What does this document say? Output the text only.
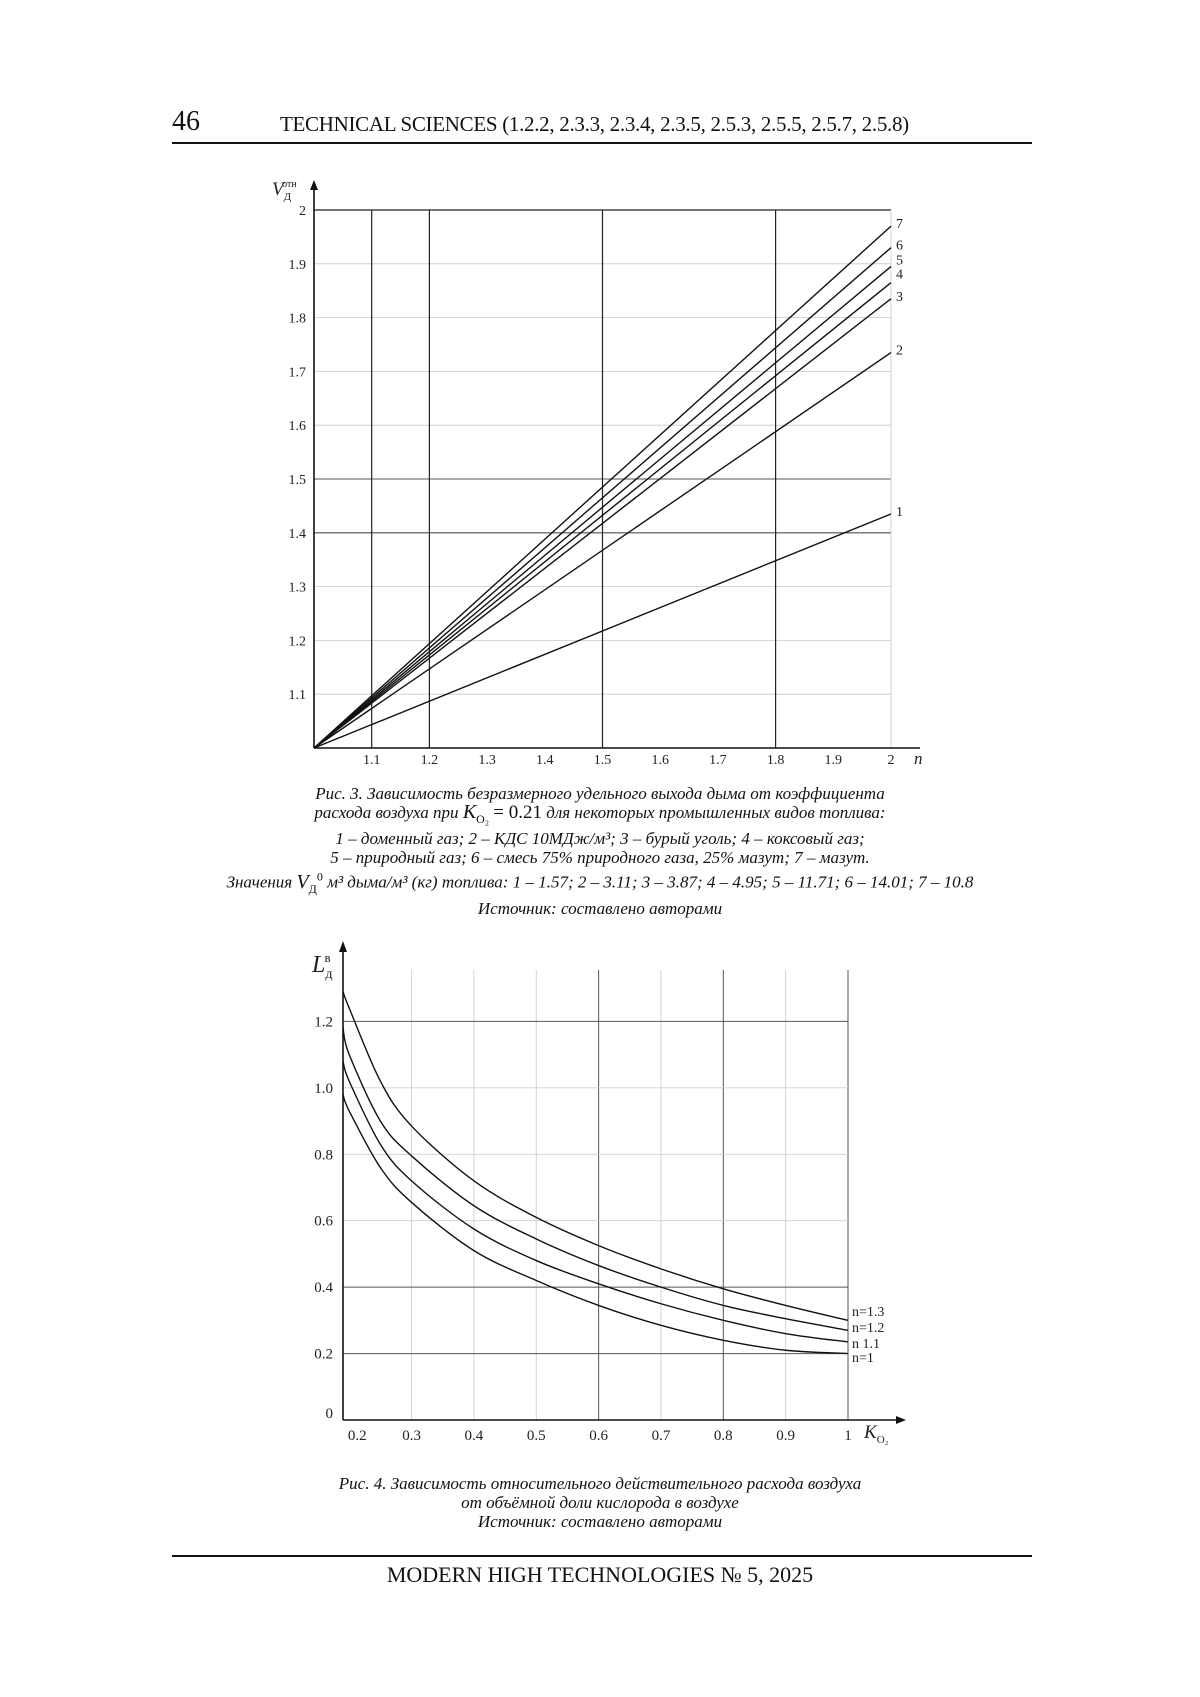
46	TECHNICAL SCIENCES (1.2.2, 2.3.3, 2.3.4, 2.3.5, 2.5.3, 2.5.5, 2.5.7, 2.5.8)
1.1	1.2	1.3	1.4	1.5	1.6	1.7	1.8	1.9	2
1.1
1.2
1.3
1.4
1.5
1.6
1.7
1.8
1.9
2
1
2
3
4
5
6
7
$V_Дотн$
n
Рис. 3. Зависимость безразмерного удельного выхода дыма от коэффициента
расхода воздуха при $K_{O_2} = 0.21$ для некоторых промышленных видов топлива:
1 – доменный газ; 2 – КДС 10МДж/м³; 3 – бурый уголь; 4 – коксовый газ;
5 – природный газ; 6 – смесь 75% природного газа, 25% мазут; 7 – мазут.
Значения $V_Д^0$ м³ дыма/м³ (кг) топлива: 1 – 1.57; 2 – 3.11; 3 – 3.87; 4 – 4.95; 5 – 11.71; 6 – 14.01; 7 – 10.8
Источник: составлено авторами
0.2 0.3	0.4	0.5	0.6	0.7	0.8	0.9	1
0
0.2
0.4
0.6
0.8
1.0
1.2
n=1.3
n=1.2
n 1.1
n=1
$L_дв$
$K_{O_2}$
Рис. 4. Зависимость относительного действительного расхода воздуха
от объёмной доли кислорода в воздухе
Источник: составлено авторами
MODERN HIGH TECHNOLOGIES № 5, 2025
